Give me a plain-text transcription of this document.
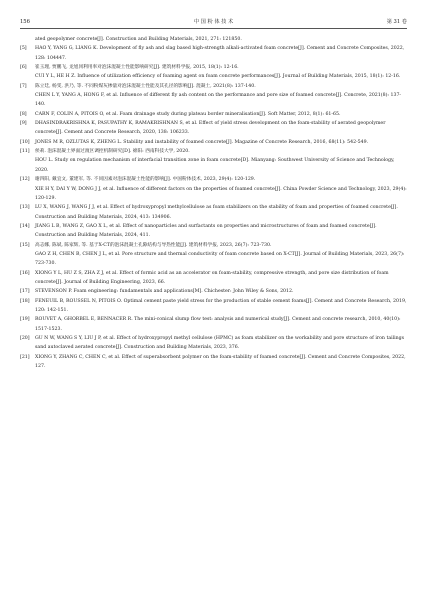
156	中 国 粉 体 技 术	第 31 卷
ated geopolymer concrete[J]. Construction and Building Materials, 2021, 271: 121850.
[5] HAO Y, YANG G, LIANG K. Development of fly ash and slag based high-strength alkali-activated foam concrete[J]. Cement and Concrete Composites, 2022, 128: 104447.
[6] 崔玉理, 贾鹏飞, 龙旭冈利用率对泡沫混凝土性能影响研究[J]. 建筑材料学报, 2015, 18(1): 12-16.
CUI Y L, HE H Z. Influence of utilization efficiency of foaming agent on foam concrete performances[J]. Journal of Building Materials, 2015, 18(1): 12-16.
[7] 陈立廷, 杨雯, 洪乃, 等. 不同粉煤灰掺量对泡沫混凝土性能及其孔径的影响[J]. 混凝土, 2021(8): 137-140.
CHEN L Y, YANG A, HONG F, et al. Influence of different fly ash content on the performance and pore size of foamed concrete[J]. Concrete, 2021(8): 137-140.
[8] CARN F, COLIN A, PITOIS O, et al. Foam drainage study during plateau border mineralisation[J]. Soft Matter, 2012, 8(1): 61-65.
[9] DHASINDRAKRISHNA K, PASUPATHY K, RAMAKRISHNAN S, et al. Effect of yield stress development on the foam-stability of aerated geopolymer concrete[J]. Cement and Concrete Research, 2020, 138: 106233.
[10] JONES M R, OZLUTAS K, ZHENG L. Stability and instability of foamed concrete[J]. Magazine of Concrete Research, 2016, 68(11): 542-549.
[11] 侯莉. 泡沫混凝土界面过渡区调控机制研究[D]. 绵阳: 西南科技大学, 2020.
HOU L. Study on regulation mechanism of interfacial transition zone in foam concrete[D]. Mianyang: Southwest University of Science and Technology, 2020.
[12] 谢四阳, 戴宜文, 董建军, 等. 不同因素对泡沫混凝土性能的影响[J]. 中国粉体技术, 2023, 29(4): 120-129.
XIE H Y, DAI Y W, DONG J J, et al. Influence of different factors on the properties of foamed concrete[J]. China Powder Science and Technology, 2023, 29(4): 120-129.
[13] LU X, WANG J, WANG J J, et al. Effect of hydroxypropyl methylcellulose as foam stabilizers on the stability of foam and properties of foamed concrete[J]. Construction and Building Materials, 2024, 413: 134906.
[14] JIANG L B, WANG Z, GAO X L, et al. Effect of nanoparticles and surfactants on properties and microstructures of foam and foamed concrete[J]. Construction and Building Materials, 2024, 411.
[15] 高志娜, 陈斌, 陈家辉, 等. 基于X-CT的泡沫混凝土孔隙结构与导热性能[J]. 建筑材料学报, 2023, 26(7): 723-730.
GAO Z H, CHEN B, CHEN J L, et al. Pore structure and thermal conductivity of foam concrete based on X-CT[J]. Journal of Building Materials, 2023, 26(7): 723-730.
[16] XIONG Y L, HU Z S, ZHA Z J, et al. Effect of formic acid as an accelerator on foam-stability, compressive strength, and pore size distribution of foam concrete[J]. Journal of Building Engineering, 2023, 66.
[17] STEVENSON P. Foam engineering: fundamentals and applications[M]. Chichester: John Wiley & Sons, 2012.
[18] FENEUIL B, ROUSSEL N, PITOIS O. Optimal cement paste yield stress for the production of stable cement foams[J]. Cement and Concrete Research, 2019, 120: 142-151.
[19] ROUVET A, GHORBEL E, BENNACER R. The mini-conical slump flow test: analysis and numerical study[J]. Cement and concrete research, 2010, 40(10): 1517-1523.
[20] GU N W, WANG S Y, LIU J P, et al. Effect of hydroxypropyl methyl cellulose (HPMC) as foam stabilizer on the workability and pore structure of iron tailings sand autoclaved aerated concrete[J]. Construction and Building Materials, 2023, 376.
[21] XIONG Y, ZHANG C, CHEN C, et al. Effect of superabsorbent polymer on the foam-stability of foamed concrete[J]. Cement and Concrete Composites, 2022, 127.
